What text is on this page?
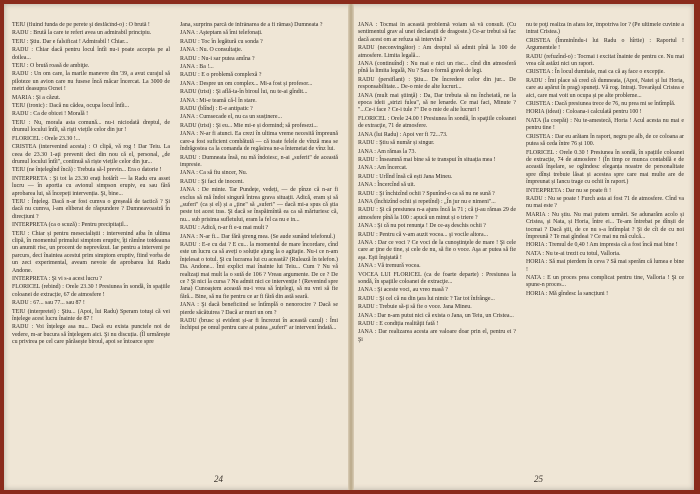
TEIU (fluind funda de pe perete şi desfăcînd-o) : O brută !

RADU : Brută la care te referi avea un admirabil principiu.

TEIU : Ştiu. Dar e falsificat ! Admirabil ! Chiar...

RADU : Chiar dacă pentru locul întîi nu-i poate accepta pe al doilea...

TEIU : O brută roasă de ambiţie.

RADU : Un om care, la marile manevre din '39, a avut curajul să piloteze un avion care nu fusese încă măcar încercat. La 3000 de metri deasupra Ocnei !

MARIA : Şi a căzut.

TEIU (ironic) : Dacă nu cădea, ocupa locul întîi...

RADU : Ca de obicei ! Morală !

TEIU : Nu, morala asta comună... nu-i niciodată dreptul, de drumul locului întîi, să rişti viețile celor din jur !

FLORICEL : Orele 23.30 !...

CRISTEA (intervenind acesta) : O clipă, vă rog ! Dar Teiu. La ceea de 23.30 1-aţi prevenit deci din nou că el, personal, „de drumul locului întîi", continuă să riște viețile celor din jur...

TEIU (ne înțelegînd încă) : Trebuia să-l previn... Era o datorie !

INTERPRETA : Şi tot la 23.30 erați hotărît — la Radu era asset lucru — în aportia cu avionul simpson erupiv, eu sau fără aprobarea lui, să începeți intervenția. Şi, bine...

TEIU : Înțeleg. Dacă n-ar fost cumva o greșeală de tactică ? Şi dacă nu cumva, l-am eliberat de răspundere ? Dumneavoastră în direcțiuni ?

INTERPRETA (ca o scuză) : Pentru precipitațil...

TEIU : Chiar și pentru mesecialiștii : intervenind aiba în ultima clipă, în momentul primului simptom eruptiv, îți rămîne totdeauna un anumit risc, un procent de neprevăzut. Iar pentru a interveni pe parcurs, deci înaintea acestui prim simptom eruptiv, fiind vorba de un zeci experimental, aveam nevoie de aprobarea lui Radu Andone.

INTERPRETA : Şi vi s-a acest lucru ?

FLORICEL (rebind) : Orele 23.30 ! Presiunea în sondă, în spațiile coloanei de extracție, 67 de atmosfere !

RADU : 67... sau 77... sau 87 !

TEIU (interpretei) : Ştiu... (Apoi, lui Radu) Speram totuşi că vei înțelege acest lucru înainte de 87 !

RADU : Voi înțelege asa nu... Dacă eu exista punctele noi de vedere, m-ar bucura să înțelegem aici. Şi nu discuția. (Îl urmăreşte cu privirea pe cel care părăseşte biroul, apoi se întoarce spre

Jana, surprins parcă de înfrânarea de a fi rămas) Dumneata ?

JANA : Aşteptam să îmi telefonați.

RADU : Toc în legătură cu sonda ?

JANA : Nu. O consultaţie.

RADU : Nu-i sar putea amîna ?

JANA : Ba !...

RADU : E o problemă complexă ?

JANA : Despre un om complex... Mi-a fost și profesor...

RADU (trist) : Şi află-ta-în biroul lui, nu te-ai gîndit...

JANA : Mi-e teamă că-l în stare.

RADU (blînd) : E-e antipatic ?

JANA : Cumsecade el, nu ca un susținere...

RADU (trist) : Şi eu... Mie mi-e și dormind; să profesezi...

JANA : N-ar fi atunci. Ea crezi în ultima vreme necesită împreună care-a fost suficient combătută — că toate felele de vînză mea se îndrăgostea ca la comanda de regăsirea ne-a întemeiat de vînz lui.

RADU : Dumneata însă, nu mă îndoiesc, n-ai „suferit" de această impresie.

JANA : Ca să fiu sincer, Nu.

RADU : Şi faci de inocent.

JANA : De minte. Tar Pundeţe, vedeți, — de pînze că n-ar fi exclus să mă îndoi singură întrea grava situații. Adică, eram și să „suferi" (ca și el) și a „ține" să „suferi" — dacă mi-a spus că ştia peste tot acest tras. Şi dacă se înspăimîntă ea ca să mărturiesc că, nu... sub prisima sufletului, eram la fel ca nu e in...

RADU : Adică, n-ar fi e-u mai mult ?

JANA : N-ar fi... Dar fără ştreng mea. (Se aude sunând telefonul.)

RADU : E-e cu dai ? E cu... la momentul de mare încordare, cînd este un lucru ca să aveți o soluție ajung la o agitaţie. Nu-i ce n-am înțelesat o totul. Şi cu lucrarea lui cu această? (Rulează în telefon.) Da. Andone... Îmi explici mai înainte lui Teiu... Cum ? Nu vă realizaţi mai mult la o sută de 106 ? Vreau argumente. De ce ? De ce ? Şi nici la cursa ? Nu admit nici ce intervenție ! (Revenind spre Jana) Cunoaştem această nu-i vrea să înțelegi, să nu vrei să fie fără... Bine, să nu fie pentru ce ar fi fără din astă seară.

JANA : Şi dacă beneficiind se întîmplă o nenorocire ? Dacă se pierde săcătuirea ? Dacă ar muri un om ?

RADU (brusc și evident și-ar fi încrezut în această cazul) : Îmi închipui pe omul pentru care ai putea „suferi" ar interveni îndată...

JANA : Tocmai în această problemă voiam să vă consult. (Cu sentimentul grav al unei declarații de dragoste.) Ce-ar trebui să fac dacă acest om ar refuza să intervină ?

RADU (neconvingător) : Am dreptul să admit pînă la 100 de atmosfere. Limita legală...

JANA (continuînd) : Nu mai e nici un risc... cînd din atmosferă pînă la limita legală, Nu ? Sau o formă gravă de legi.

RADU (persiflant) : Ştiu... De încredere celor din jur... De responsabilitate... De-o mie de alte lucruri...

JANA (mult mai ştiinţă) : Da, Dar trebuia să nu încheiată, ne la epoca ideii „strizi fulea", să ne lenarde. Ce mai faci, Minute ? "...Ce-i face ? Ce-i tule ?" De o mie de alte lucruri !

FLORICEL : Orele 24.00 ! Presiunea în sondă, în spaţiile coloanei de extracţie, 71 de atmosfere.

JANA (lui Radu) : Apoi ver fi 72...73.

RADU : Ştiu să număr și singur.

JANA : Am rămas la 73.

RADU : Înseamnă mai bine să te transpui în situația mea !

JANA : Am încercat.

RADU : Urlînd însă că ești Jana Mineu.

JANA : Încercînd să uit.

RADU : Şi închizînd ochii ? Spunînd-o ca să nu ne sună ?

JANA (închizînd ochii și repetînd) : „În jur nu e nimeni"...

RADU : Şi că presiunea n-a ajuns încă la 71 ; că ţi-au rămas 29 de atmosfere pînă la 100 : apucă un minut și o triere ?

JANA : Şi că nu pot renunţa ! De ce-aş deschis ochii ?

RADU : Pentru că v-am auzit vocea... şi vocile altora...

JANA : Dar ce voci ? Ce voci de la cunoştinţele de mare ! Şi cele care ar ţine de tine, și cele de nu, să fie o voce. Aşa ar putea să fie aşa. Eşti înşiştată !

JANA : Vă tremură vocea.

VOCEA LUI FLORICEL (ca de foarte departe) : Presiunea la sondă, în spaţiile coloanei de extracţie...

JANA : Şi aceste voci, au vreo masă ?

RADU : Şi cel că nu din ţara lui nimic ? Tar tot înfrânge...

RADU : Trebuie să-ţi să fie o voce. Jana Mineu.

JANA : Dar n-am putut nici că exista o Jana, un Teiu, un Cristea...

RADU : E condiția realităţii fată !

JANA : Dar realizarea acesta are valoare doar prin el, pentru ei ? Şi

nu te poţi realiza în afara lor, împotriva lor ? (Pe ultimele cuvinte a intrat Cristea.)

CRISTEA (Îmminîndu-i lui Radu o hîrtie) : Raportul ! Argumentele !

RADU (refuzînd-o) : Tocmai i excitat înainte de pentru ce. Nu mai vrea cât astăzi nici un raport.

CRISTEA : În locul dumitale, mai ca că aş face o excepţie.

RADU : Îmi place să cred că dumneata, (Apoi, Natei şi lui Horia, care au apărut în prag) spuneți. Vă rog. Intraţi. Tovarăşul Cristea e aici, care mai voit un ocupa și pe alte probleme...

CRISTEA : Dacă presiunea trece de 76, nu prea mi se întîmplă.

HORIA (ideat) : Coloana-i calculată pentru 100 !

NATA (la coepăt) : Nu te-amestecă, Horia ! Acul acesta nu mai e pentru tine !

CRISTEA : Dar eu arătam în raport, negru pe alb, de ce coloana ar putea să ceda între 76 și 100.

FLORICEL : Orele 0.30 ! Presiunea în sondă, în spațiile coloanei de extracție, 74 de atmosfere ! (În timp ce munca contabilă e de această înşelare, se oglindesc eleganța noastre de personalitate spre dînși trebuie lăsat și acestea spre care mai multe are de împreunat și Iancu trage cu ochii în raport.)

INTERPRETA : Dar nu se poate fi !

RADU : Nu se poate ! Furch asta ai fost 71 de atmosfere. Cînd va nu mai este ?

MARIA : Nu ştiu. Nu mai putem urmări. Se adunarăm acolo și Cristea, și Nata, și Horia, între ei... Te-am întrebat pe dînșii de tocmai ? Dacă ştii, de ce nu s-a întîmplat ? Şi de cît de cu noi împreună ? Te mai gîndeai ? Ce mai nu mă culcă...

HORIA : Tremul de 0,40 ! Am impresia că a fost încă mai bine !

NATA : Nu te-ai trezit cu totul, Valloria.

HORIA : Să mai pierdem în ceva ? Să mai sperăm că lumea e bine !

NATA : E un proces prea complicat pentru tine, Valloria ! Şi ce spune-n proces...

HORIA : Mă gîndesc la sancțiuni !

24	25
